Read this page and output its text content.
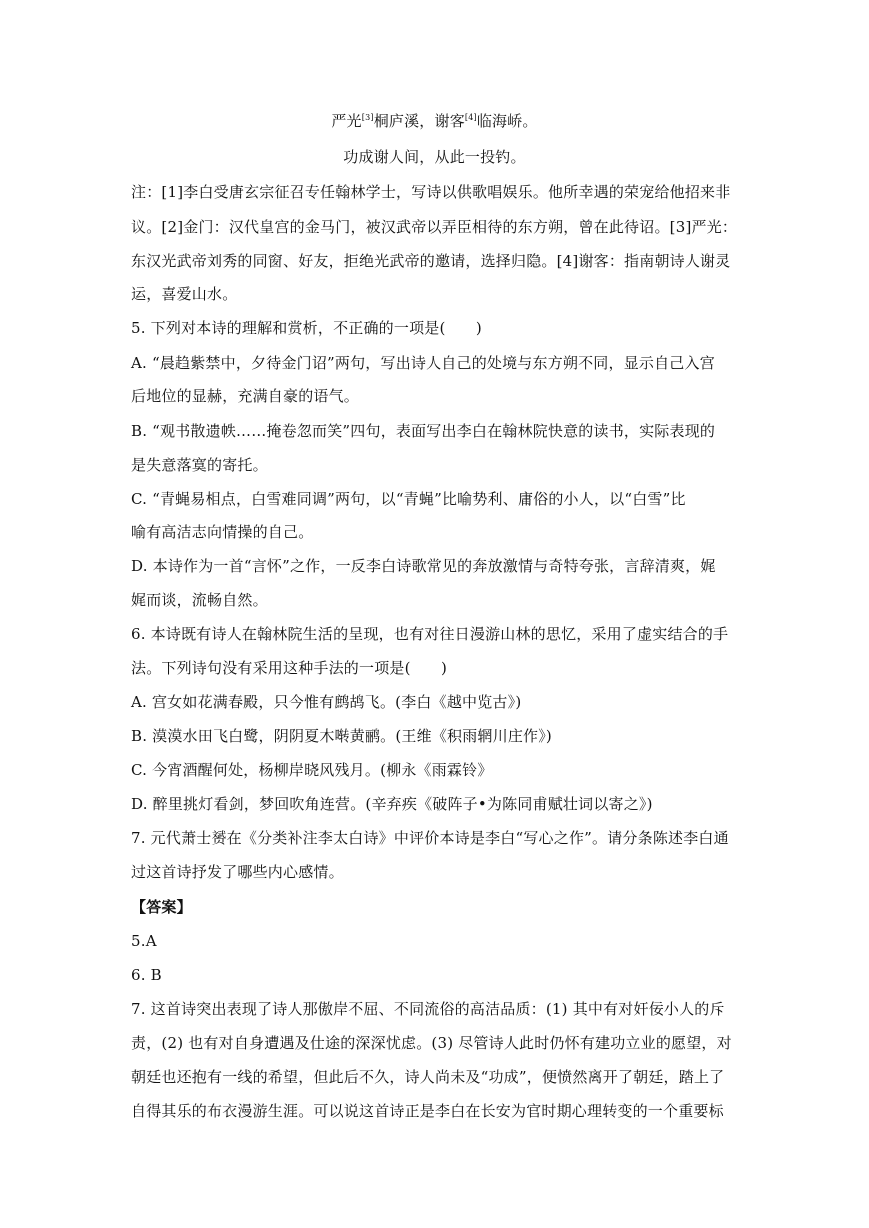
严光[3]桐庐溪，谢客[4]临海峤。
功成谢人间，从此一投钓。
注：[1]李白受唐玄宗征召专任翰林学士，写诗以供歌唱娱乐。他所幸遇的荣宠给他招来非
议。[2]金门：汉代皇宫的金马门，被汉武帝以弄臣相待的东方朔，曾在此待诏。[3]严光：
东汉光武帝刘秀的同窗、好友，拒绝光武帝的邀请，选择归隐。[4]谢客：指南朝诗人谢灵
运，喜爱山水。
5. 下列对本诗的理解和赏析，不正确的一项是(　　)
A. “晨趋紫禁中，夕待金门诏”两句，写出诗人自己的处境与东方朔不同，显示自己入宫
后地位的显赫，充满自豪的语气。
B. “观书散遗帙……掩卷忽而笑”四句，表面写出李白在翰林院快意的读书，实际表现的
是失意落寞的寄托。
C. “青蝇易相点，白雪难同调”两句，以“青蝇”比喻势利、庸俗的小人，以“白雪”比
喻有高洁志向情操的自己。
D. 本诗作为一首“言怀”之作，一反李白诗歌常见的奔放激情与奇特夸张，言辞清爽，娓
娓而谈，流畅自然。
6. 本诗既有诗人在翰林院生活的呈现，也有对往日漫游山林的思忆，采用了虚实结合的手
法。下列诗句没有采用这种手法的一项是(　　)
A. 宫女如花满春殿，只今惟有鹧鸪飞。(李白《越中览古》)
B. 漠漠水田飞白鹭，阴阴夏木啭黄鹂。(王维《积雨辋川庄作》)
C. 今宵酒醒何处，杨柳岸晓风残月。(柳永《雨霖铃》
D. 醉里挑灯看剑，梦回吹角连营。(辛弃疾《破阵子•为陈同甫赋壮词以寄之》)
7. 元代萧士赟在《分类补注李太白诗》中评价本诗是李白“写心之作”。请分条陈述李白通
过这首诗抒发了哪些内心感情。
【答案】
5.A
6. B
7. 这首诗突出表现了诗人那傲岸不屈、不同流俗的高洁品质：(1) 其中有对奸佞小人的斥
责，(2) 也有对自身遭遇及仕途的深深忧虑。(3) 尽管诗人此时仍怀有建功立业的愿望，对
朝廷也还抱有一线的希望，但此后不久，诗人尚未及“功成”，便愤然离开了朝廷，踏上了
自得其乐的布衣漫游生涯。可以说这首诗正是李白在长安为官时期心理转变的一个重要标
